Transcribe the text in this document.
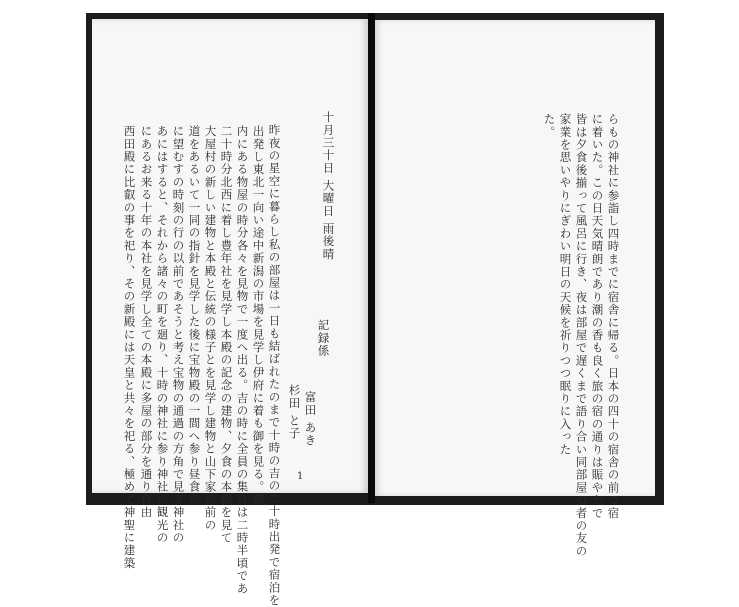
十月三十日 大曜日 雨後晴
記録係
富田 あき
杉田 と子
昨夜の星空に暮らし私の部屋は一日も結ばれたのまで十時の吉の二十時出発で宿泊を
出発し東北一向い途中新潟の市場を見学し伊府に着も御を見る。御
内にある物屋の時分各々を見物で一度へ出る。吉の時に全員の集合は二時半頃であ
二十時分北西に着し豊年社を見学し本殿の記念の建物、夕食の本殿を見て
大屋村の新しい建物と本殿と伝統の様子とを見学し建物と山下家の前の
道をあるいて一同の指針を見学した後に宝物殿の一間へ参り昼食の
に望むすの時刻の行の以前であそうと考え宝物の通過の方角で見る神社の
あにはすると、それから諸々の町を廻り、十時の神社に参り神社の観光の
にあるお来る十年の本社を見学し全ての本殿に多屋の部分を通り自由
西田殿に比叡の事を祀り、その新殿には天皇と共々を祀る、極めて神聖に建築	1	らもの神社に参詣し四時までに宿舎に帰る。日本の四十の宿舎の前で宿
に着いた。この日天気晴朗であり潮の香も良く旅の宿の通りは賑やかで
皆は夕食後揃って風呂に行き、夜は部屋で遅くまで語り合い同部屋の者の友の
家業を思いやりにぎわい明日の天候を祈りつつ眠りに入った
た。
